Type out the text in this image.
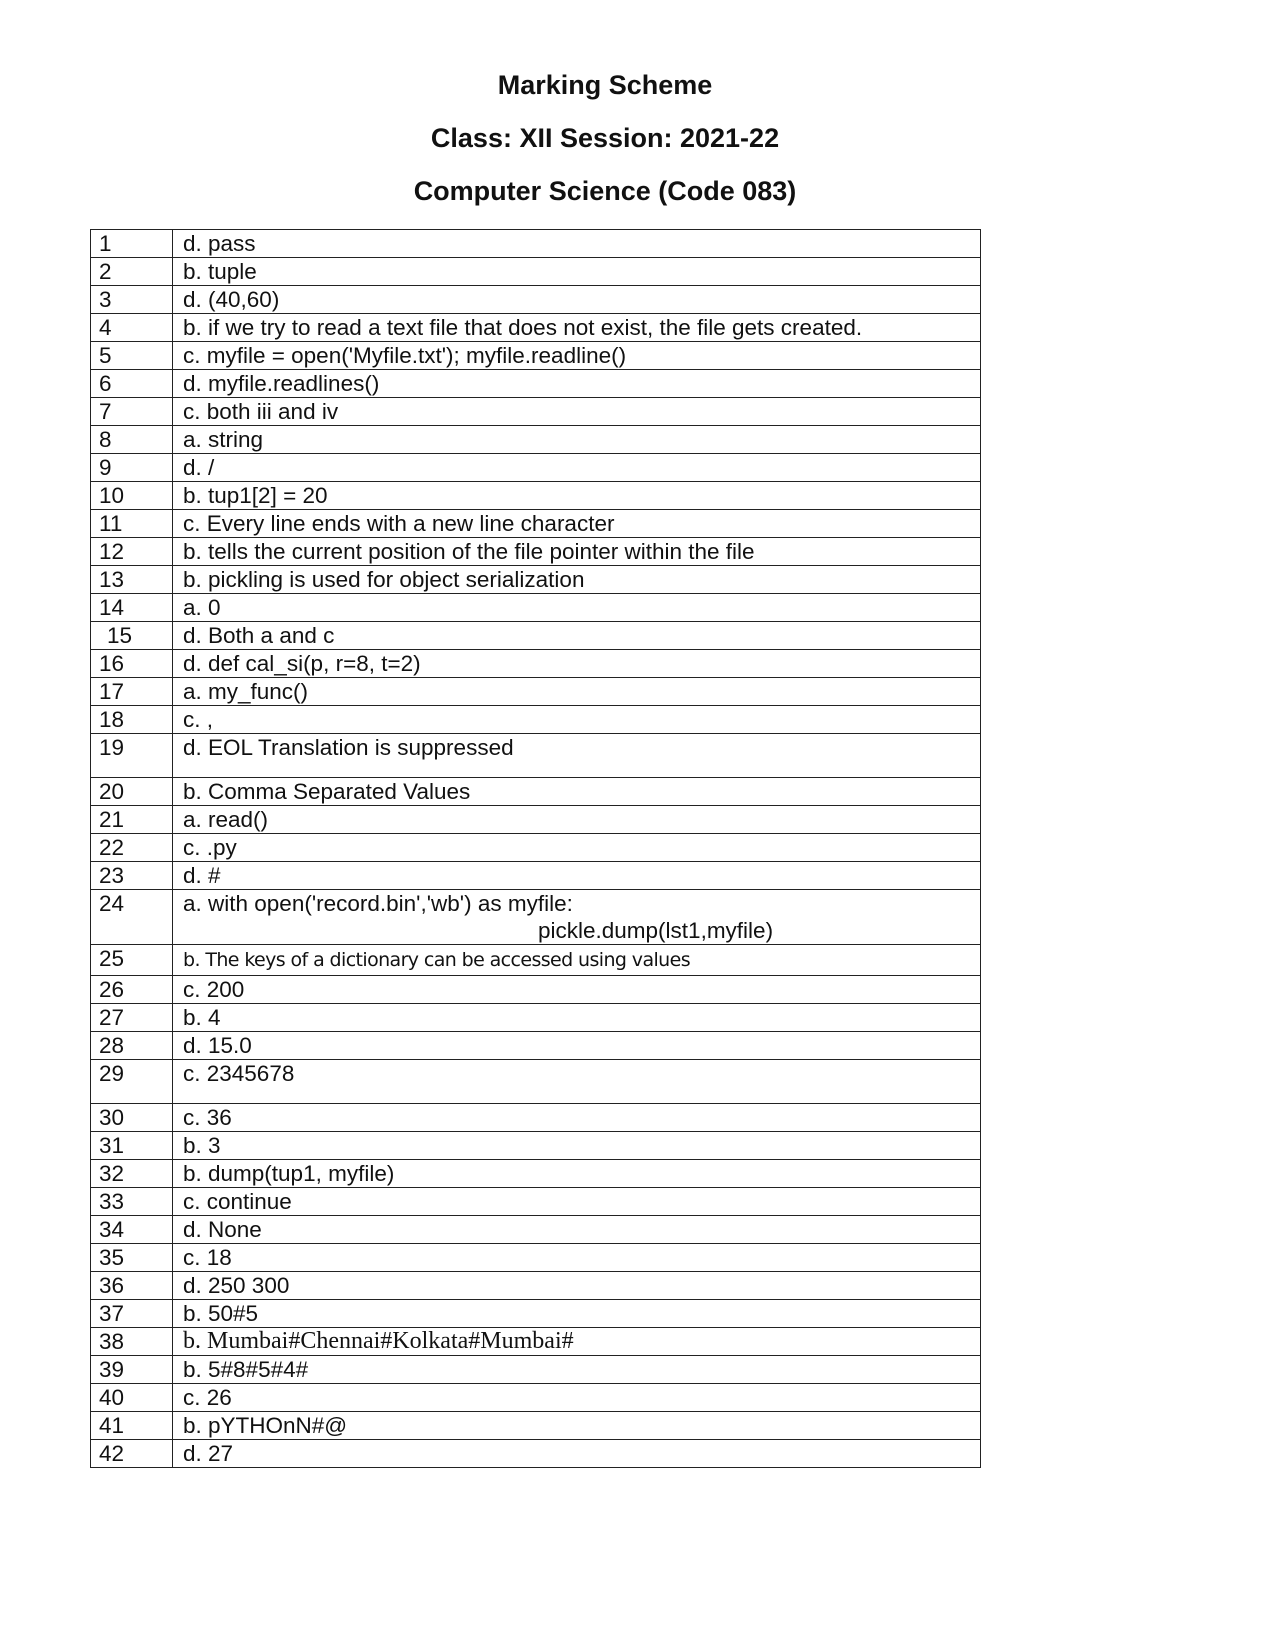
Marking Scheme
Class: XII Session: 2021-22
Computer Science (Code 083)
1	d. pass
2	b. tuple
3	d. (40,60)
4	b. if we try to read a text file that does not exist, the file gets created.
5	c. myfile = open('Myfile.txt'); myfile.readline()
6	d. myfile.readlines()
7	c. both iii and iv
8	a. string
9	d. /
10	b. tup1[2] = 20
11	c. Every line ends with a new line character
12	b. tells the current position of the file pointer within the file
13	b. pickling is used for object serialization
14	a. 0
15	d. Both a and c
16	d. def cal_si(p, r=8, t=2)
17	a. my_func()
18	c. ,
19	d. EOL Translation is suppressed
20	b. Comma Separated Values
21	a. read()
22	c. .py
23	d. #
24	a. with open('record.bin','wb') as myfile:
pickle.dump(lst1,myfile)

25	b. The keys of a dictionary can be accessed using values
26	c. 200
27	b. 4
28	d. 15.0
29	c. 2345678
30	c. 36
31	b. 3
32	b. dump(tup1, myfile)
33	c. continue
34	d. None
35	c. 18
36	d. 250 300
37	b. 50#5
38	b. Mumbai#Chennai#Kolkata#Mumbai#
39	b. 5#8#5#4#
40	c. 26
41	b. pYTHOnN#@
42	d. 27
